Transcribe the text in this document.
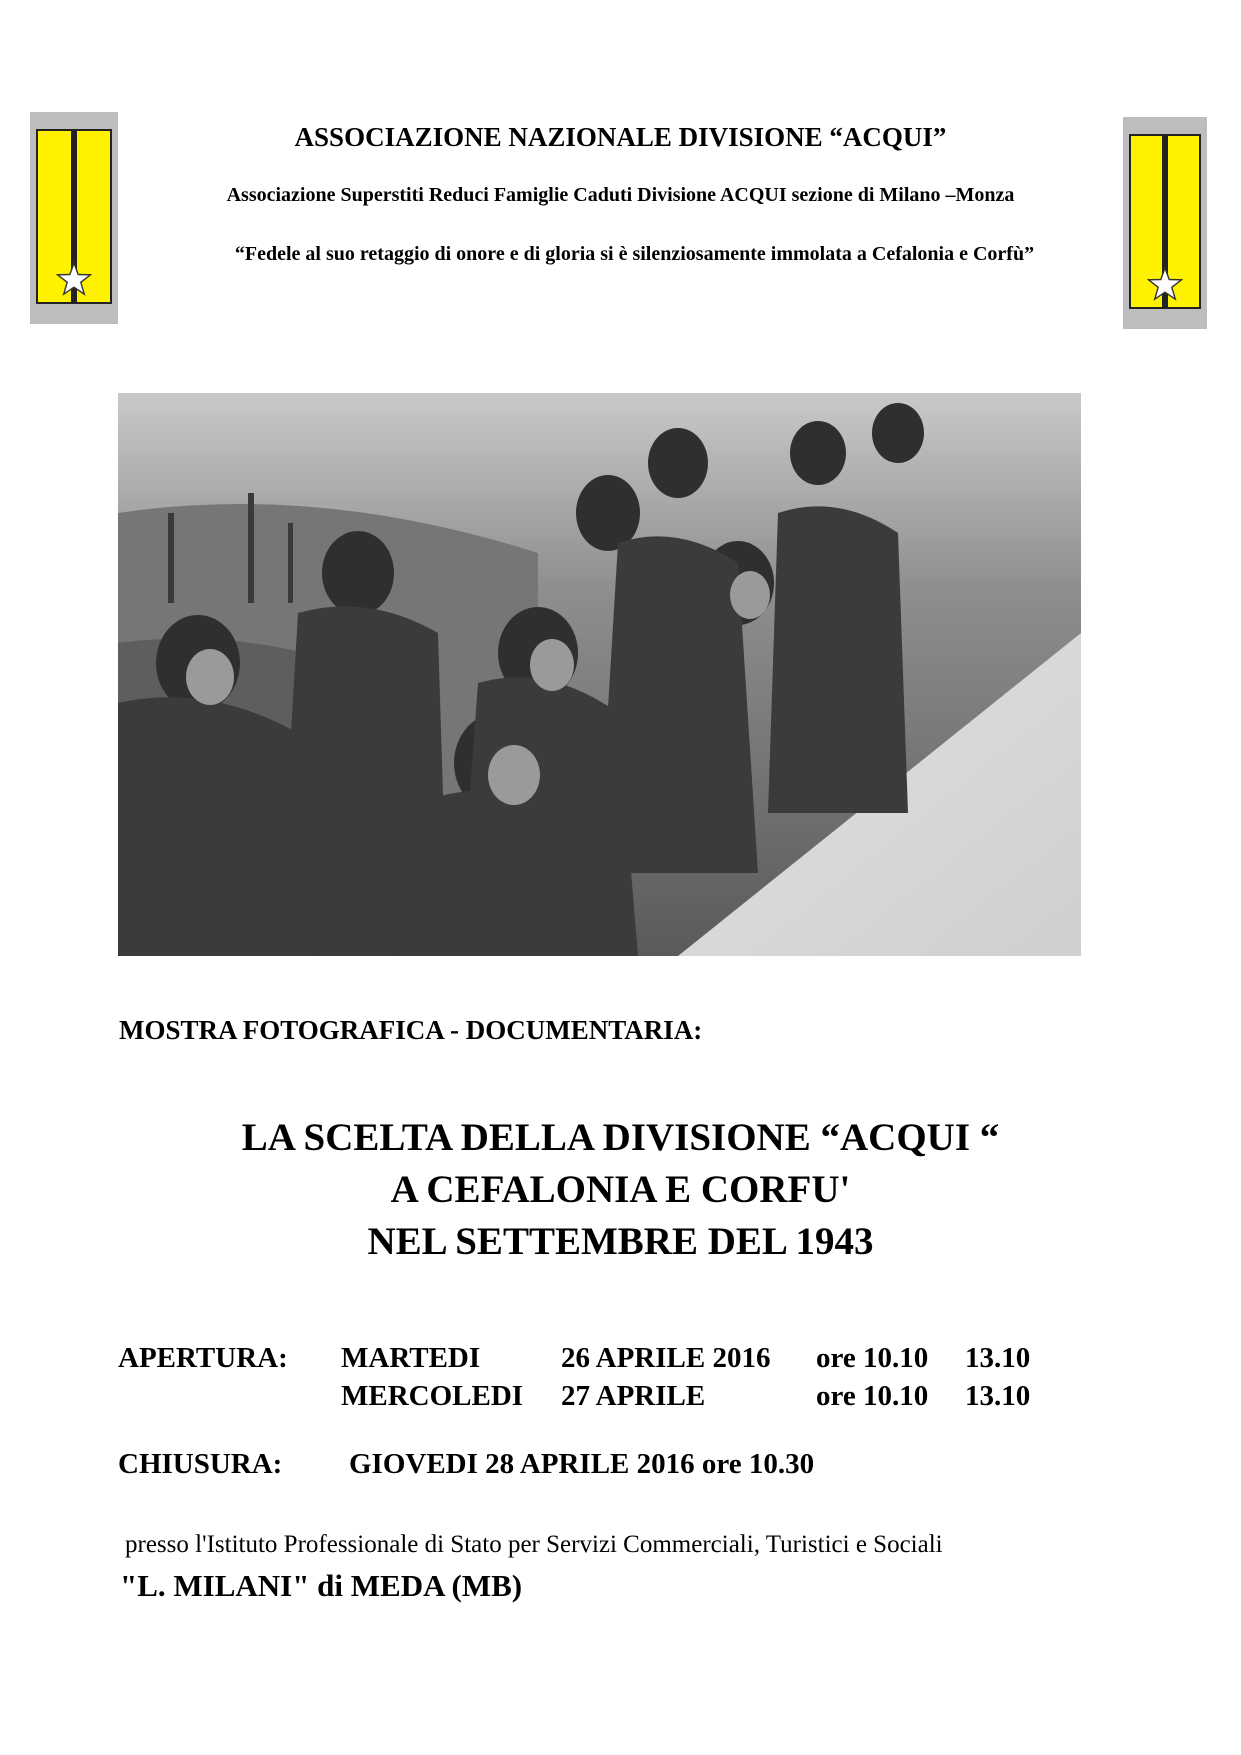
ASSOCIAZIONE NAZIONALE DIVISIONE “ACQUI”
Associazione Superstiti Reduci Famiglie Caduti Divisione ACQUI sezione di Milano –Monza
“Fedele al suo retaggio di onore e di gloria si è silenziosamente immolata a Cefalonia e Corfù”
MOSTRA FOTOGRAFICA - DOCUMENTARIA:
LA SCELTA DELLA DIVISIONE “ACQUI “
A CEFALONIA E CORFU'
NEL SETTEMBRE DEL 1943
APERTURA: MARTEDI	26 APRILE 2016 ore 10.10 13.10
MERCOLEDI 27 APRILE	ore 10.10 13.10
CHIUSURA: GIOVEDI 28 APRILE 2016 ore 10.30
presso l'Istituto Professionale di Stato per Servizi Commerciali, Turistici e Sociali
"L. MILANI" di MEDA (MB)
